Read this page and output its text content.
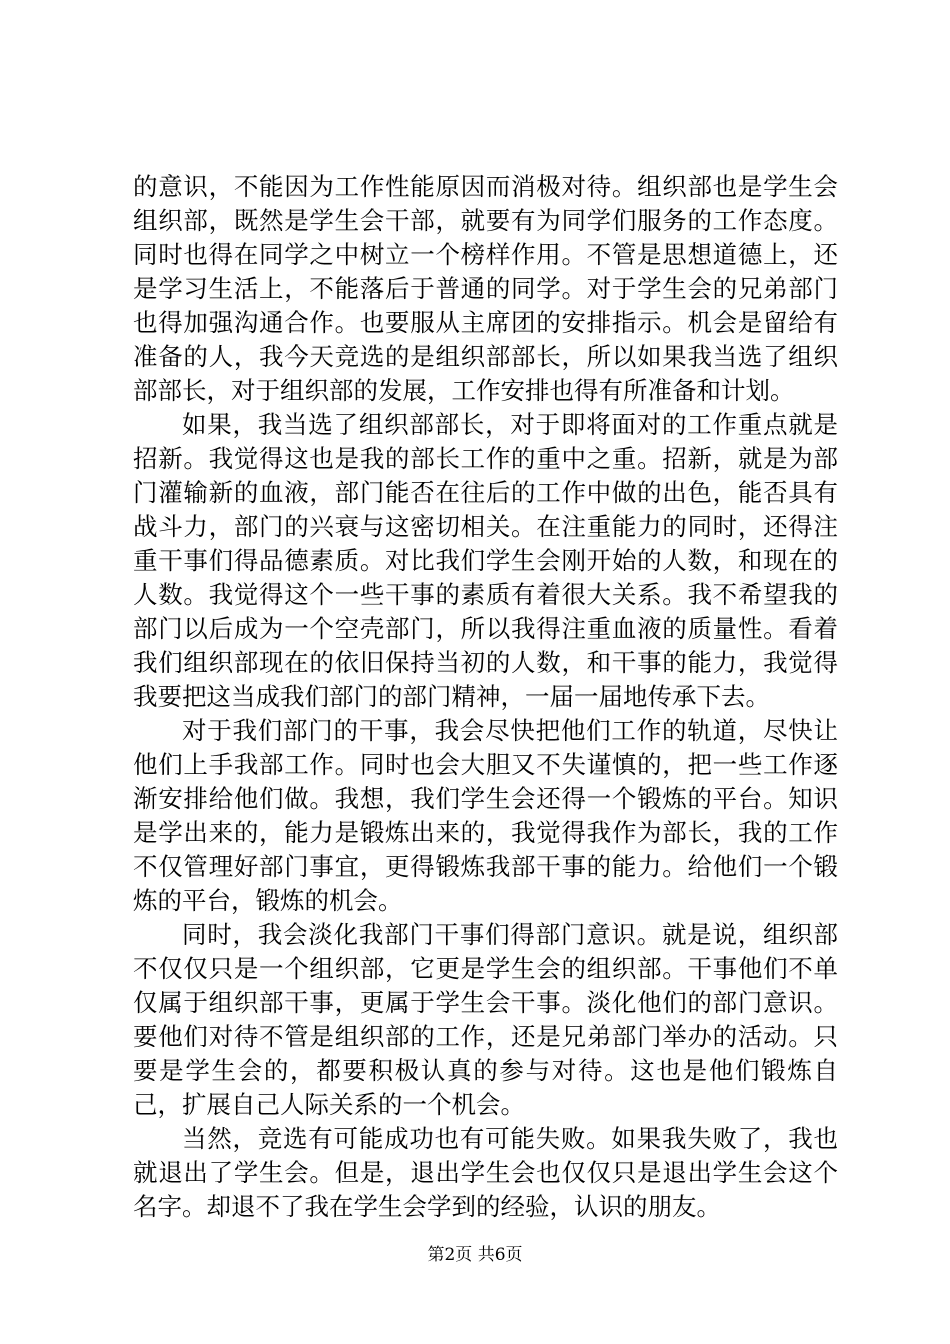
的意识，不能因为工作性能原因而消极对待。组织部也是学生会组织部，既然是学生会干部，就要有为同学们服务的工作态度。同时也得在同学之中树立一个榜样作用。不管是思想道德上，还是学习生活上，不能落后于普通的同学。对于学生会的兄弟部门也得加强沟通合作。也要服从主席团的安排指示。机会是留给有准备的人，我今天竞选的是组织部部长，所以如果我当选了组织部部长，对于组织部的发展，工作安排也得有所准备和计划。

如果，我当选了组织部部长，对于即将面对的工作重点就是招新。我觉得这也是我的部长工作的重中之重。招新，就是为部门灌输新的血液，部门能否在往后的工作中做的出色，能否具有战斗力，部门的兴衰与这密切相关。在注重能力的同时，还得注重干事们得品德素质。对比我们学生会刚开始的人数，和现在的人数。我觉得这个一些干事的素质有着很大关系。我不希望我的部门以后成为一个空壳部门，所以我得注重血液的质量性。看着我们组织部现在的依旧保持当初的人数，和干事的能力，我觉得我要把这当成我们部门的部门精神，一届一届地传承下去。

对于我们部门的干事，我会尽快把他们工作的轨道，尽快让他们上手我部工作。同时也会大胆又不失谨慎的，把一些工作逐渐安排给他们做。我想，我们学生会还得一个锻炼的平台。知识是学出来的，能力是锻炼出来的，我觉得我作为部长，我的工作不仅管理好部门事宜，更得锻炼我部干事的能力。给他们一个锻炼的平台，锻炼的机会。

同时，我会淡化我部门干事们得部门意识。就是说，组织部不仅仅只是一个组织部，它更是学生会的组织部。干事他们不单仅属于组织部干事，更属于学生会干事。淡化他们的部门意识。要他们对待不管是组织部的工作，还是兄弟部门举办的活动。只要是学生会的，都要积极认真的参与对待。这也是他们锻炼自己，扩展自己人际关系的一个机会。

当然，竞选有可能成功也有可能失败。如果我失败了，我也就退出了学生会。但是，退出学生会也仅仅只是退出学生会这个名字。却退不了我在学生会学到的经验，认识的朋友。

第2页 共6页
